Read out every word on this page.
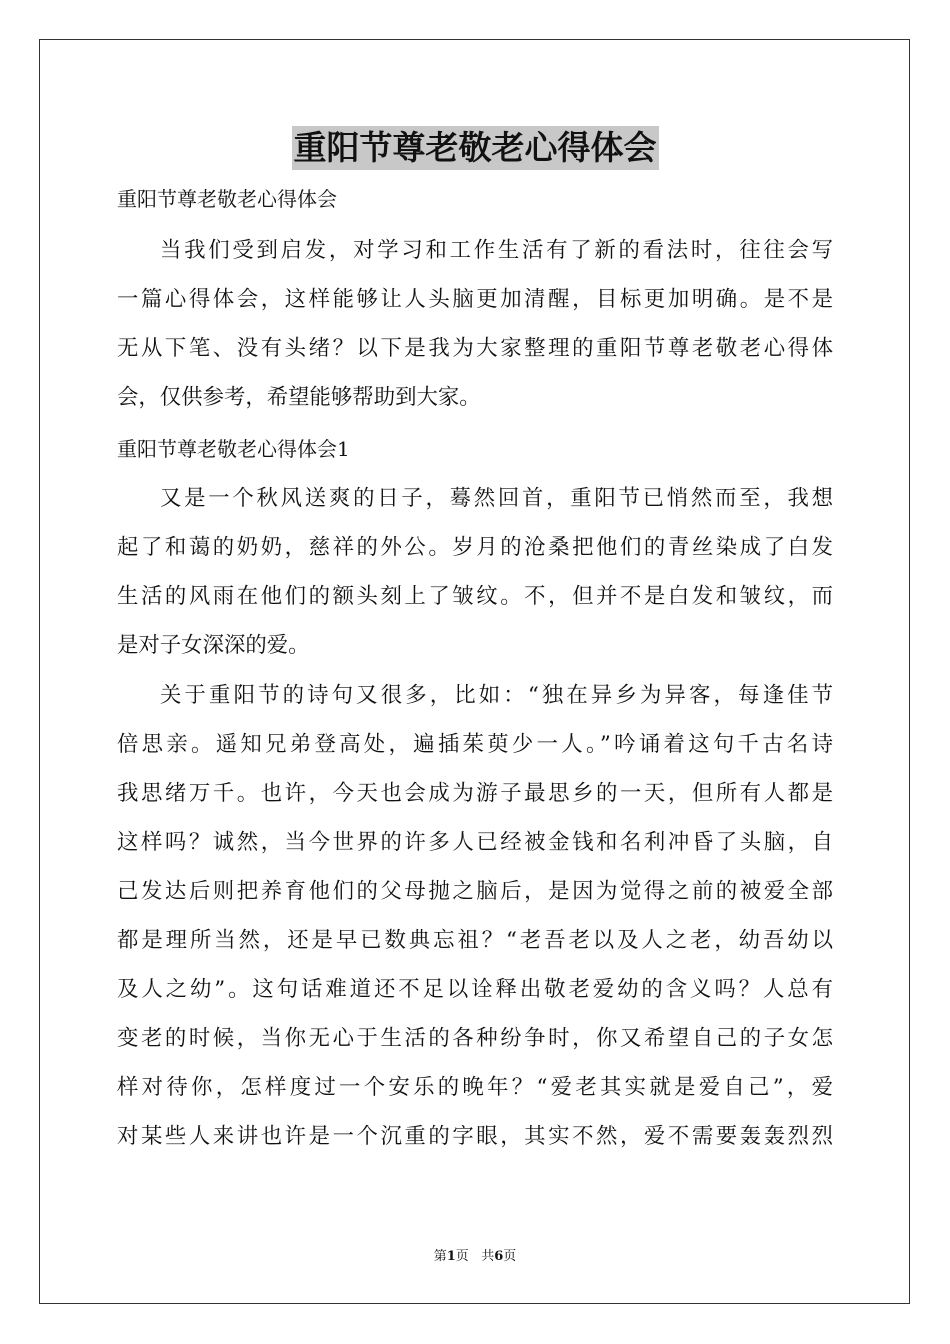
重阳节尊老敬老心得体会
重阳节尊老敬老心得体会
当我们受到启发，对学习和工作生活有了新的看法时，往往会写
一篇心得体会，这样能够让人头脑更加清醒，目标更加明确。是不是
无从下笔、没有头绪？以下是我为大家整理的重阳节尊老敬老心得体
会，仅供参考，希望能够帮助到大家。
重阳节尊老敬老心得体会1
又是一个秋风送爽的日子，蓦然回首，重阳节已悄然而至，我想
起了和蔼的奶奶，慈祥的外公。岁月的沧桑把他们的青丝染成了白发
生活的风雨在他们的额头刻上了皱纹。不，但并不是白发和皱纹，而
是对子女深深的爱。
关于重阳节的诗句又很多，比如：“独在异乡为异客，每逢佳节
倍思亲。遥知兄弟登高处，遍插茱萸少一人。”吟诵着这句千古名诗
我思绪万千。也许，今天也会成为游子最思乡的一天，但所有人都是
这样吗？诚然，当今世界的许多人已经被金钱和名利冲昏了头脑，自
己发达后则把养育他们的父母抛之脑后，是因为觉得之前的被爱全部
都是理所当然，还是早已数典忘祖？“老吾老以及人之老，幼吾幼以
及人之幼”。这句话难道还不足以诠释出敬老爱幼的含义吗？人总有
变老的时候，当你无心于生活的各种纷争时，你又希望自己的子女怎
样对待你，怎样度过一个安乐的晚年？“爱老其实就是爱自己”，爱
对某些人来讲也许是一个沉重的字眼，其实不然，爱不需要轰轰烈烈
第1页 共6页
